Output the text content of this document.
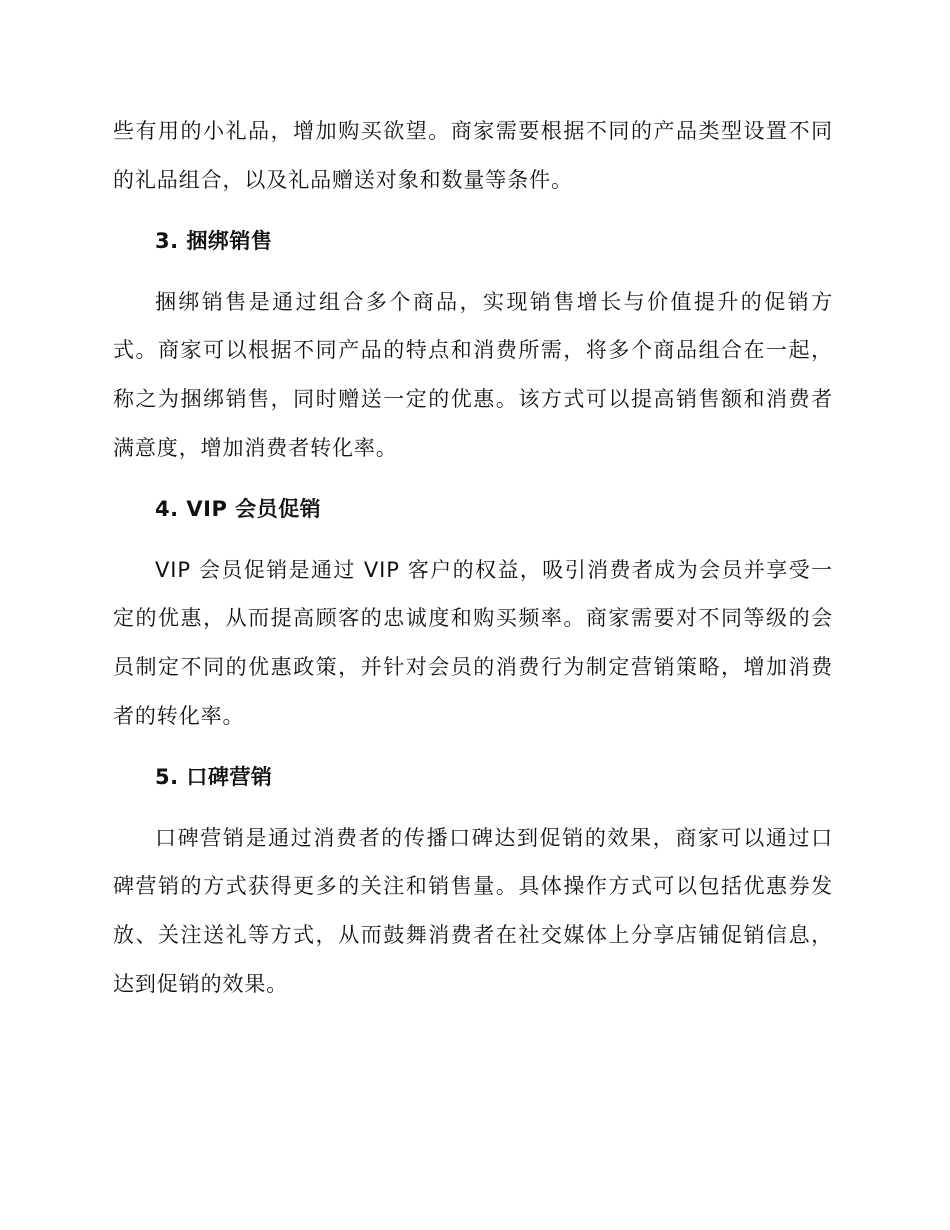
些有用的小礼品，增加购买欲望。商家需要根据不同的产品类型设置不同的礼品组合，以及礼品赠送对象和数量等条件。

3. 捆绑销售

捆绑销售是通过组合多个商品，实现销售增长与价值提升的促销方式。商家可以根据不同产品的特点和消费所需，将多个商品组合在一起，称之为捆绑销售，同时赠送一定的优惠。该方式可以提高销售额和消费者满意度，增加消费者转化率。

4. VIP 会员促销

VIP 会员促销是通过 VIP 客户的权益，吸引消费者成为会员并享受一定的优惠，从而提高顾客的忠诚度和购买频率。商家需要对不同等级的会员制定不同的优惠政策，并针对会员的消费行为制定营销策略，增加消费者的转化率。

5. 口碑营销

口碑营销是通过消费者的传播口碑达到促销的效果，商家可以通过口碑营销的方式获得更多的关注和销售量。具体操作方式可以包括优惠券发放、关注送礼等方式，从而鼓舞消费者在社交媒体上分享店铺促销信息，达到促销的效果。
